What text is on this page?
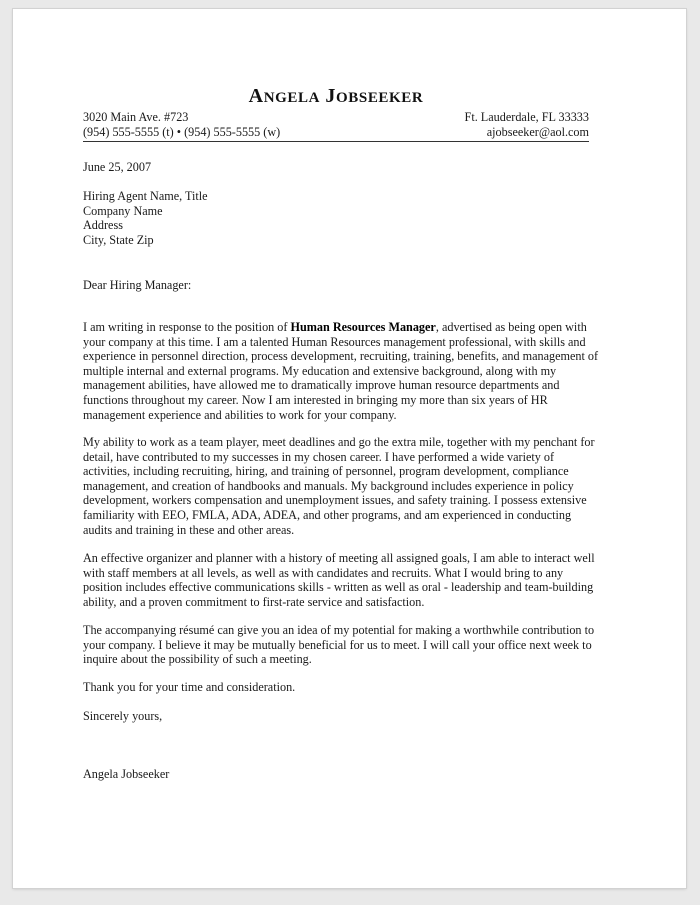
ANGELA JOBSEEKER
3020 Main Ave. #723	Ft. Lauderdale, FL 33333
(954) 555-5555 (t) • (954) 555-5555 (w)	ajobseeker@aol.com
June 25, 2007
Hiring Agent Name, Title
Company Name
Address
City, State Zip
Dear Hiring Manager:
I am writing in response to the position of Human Resources Manager, advertised as being open with
your company at this time. I am a talented Human Resources management professional, with skills and
experience in personnel direction, process development, recruiting, training, benefits, and management of
multiple internal and external programs. My education and extensive background, along with my
management abilities, have allowed me to dramatically improve human resource departments and
functions throughout my career. Now I am interested in bringing my more than six years of HR
management experience and abilities to work for your company.
My ability to work as a team player, meet deadlines and go the extra mile, together with my penchant for
detail, have contributed to my successes in my chosen career. I have performed a wide variety of
activities, including recruiting, hiring, and training of personnel, program development, compliance
management, and creation of handbooks and manuals. My background includes experience in policy
development, workers compensation and unemployment issues, and safety training. I possess extensive
familiarity with EEO, FMLA, ADA, ADEA, and other programs, and am experienced in conducting
audits and training in these and other areas.
An effective organizer and planner with a history of meeting all assigned goals, I am able to interact well
with staff members at all levels, as well as with candidates and recruits. What I would bring to any
position includes effective communications skills - written as well as oral - leadership and team-building
ability, and a proven commitment to first-rate service and satisfaction.
The accompanying résumé can give you an idea of my potential for making a worthwhile contribution to
your company. I believe it may be mutually beneficial for us to meet. I will call your office next week to
inquire about the possibility of such a meeting.
Thank you for your time and consideration.
Sincerely yours,
Angela Jobseeker
